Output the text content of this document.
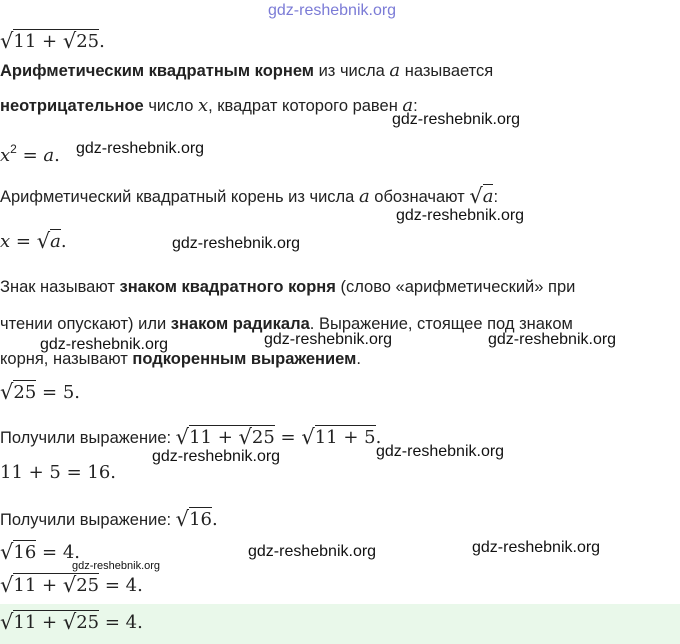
√11 + √25.
Арифметическим квадратным корнем из числа a называется
неотрицательное число x, квадрат которого равен a:
$x^2 = a$.
Арифметический квадратный корень из числа a обозначают √a:
x = √a.
Знак называют знаком квадратного корня (слово «арифметический» при
чтении опускают) или знаком радикала. Выражение, стоящее под знаком
корня, называют подкоренным выражением.
√25 = 5.
Получили выражение: √11 + √25 = √11 + 5.
11 + 5 = 16.
Получили выражение: √16.
√16 = 4.
√11 + √25 = 4.
√11 + √25 = 4.
gdz-reshebnik.org
gdz-reshebnik.org
gdz-reshebnik.org
gdz-reshebnik.org
gdz-reshebnik.org
gdz-reshebnik.org	gdz-reshebnik.org	gdz-reshebnik.org
gdz-reshebnik.org	gdz-reshebnik.org
gdz-reshebnik.org	gdz-reshebnik.org
gdz-reshebnik.org
